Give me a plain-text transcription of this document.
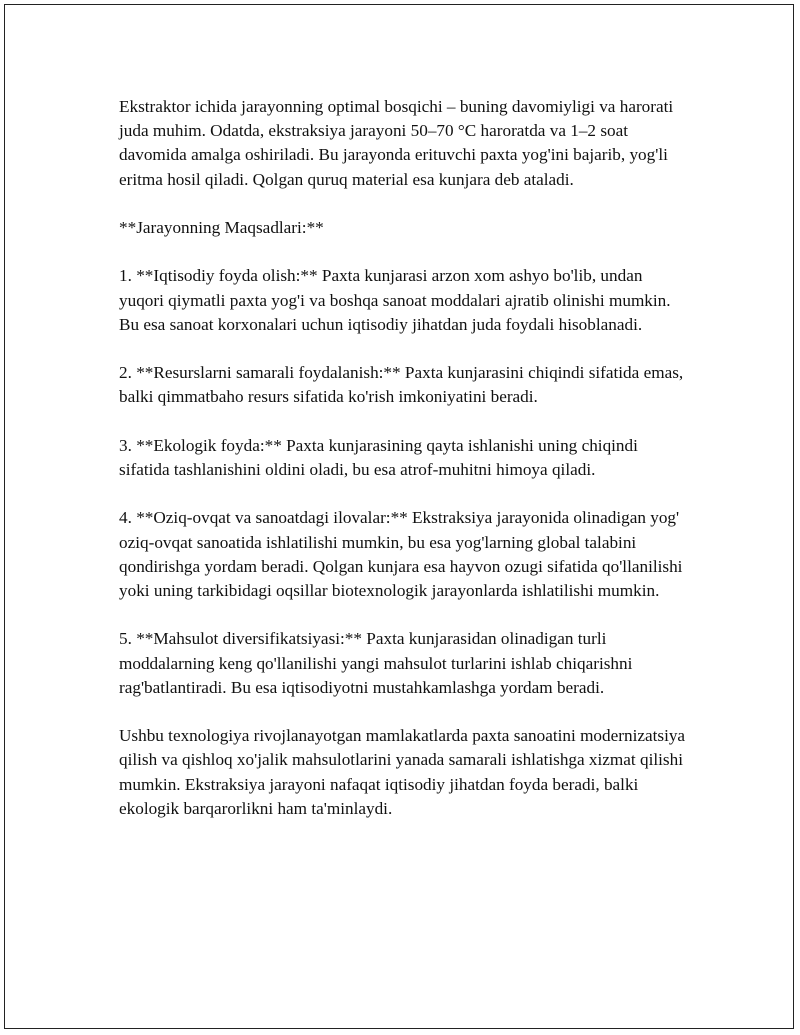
Ekstraktor ichida jarayonning optimal bosqichi – buning davomiyligi va harorati juda muhim. Odatda, ekstraksiya jarayoni 50–70 °C haroratda va 1–2 soat davomida amalga oshiriladi. Bu jarayonda erituvchi paxta yog'ini bajarib, yog'li eritma hosil qiladi. Qolgan quruq material esa kunjara deb ataladi.

**Jarayonning Maqsadlari:**

1. **Iqtisodiy foyda olish:** Paxta kunjarasi arzon xom ashyo bo'lib, undan yuqori qiymatli paxta yog'i va boshqa sanoat moddalari ajratib olinishi mumkin. Bu esa sanoat korxonalari uchun iqtisodiy jihatdan juda foydali hisoblanadi.

2. **Resurslarni samarali foydalanish:** Paxta kunjarasini chiqindi sifatida emas, balki qimmatbaho resurs sifatida ko'rish imkoniyatini beradi.

3. **Ekologik foyda:** Paxta kunjarasining qayta ishlanishi uning chiqindi sifatida tashlanishini oldini oladi, bu esa atrof-muhitni himoya qiladi.

4. **Oziq-ovqat va sanoatdagi ilovalar:** Ekstraksiya jarayonida olinadigan yog' oziq-ovqat sanoatida ishlatilishi mumkin, bu esa yog'larning global talabini qondirishga yordam beradi. Qolgan kunjara esa hayvon ozugi sifatida qo'llanilishi yoki uning tarkibidagi oqsillar biotexnologik jarayonlarda ishlatilishi mumkin.

5. **Mahsulot diversifikatsiyasi:** Paxta kunjarasidan olinadigan turli moddalarning keng qo'llanilishi yangi mahsulot turlarini ishlab chiqarishni rag'batlantiradi. Bu esa iqtisodiyotni mustahkamlashga yordam beradi.

Ushbu texnologiya rivojlanayotgan mamlakatlarda paxta sanoatini modernizatsiya qilish va qishloq xo'jalik mahsulotlarini yanada samarali ishlatishga xizmat qilishi mumkin. Ekstraksiya jarayoni nafaqat iqtisodiy jihatdan foyda beradi, balki ekologik barqarorlikni ham ta'minlaydi.
